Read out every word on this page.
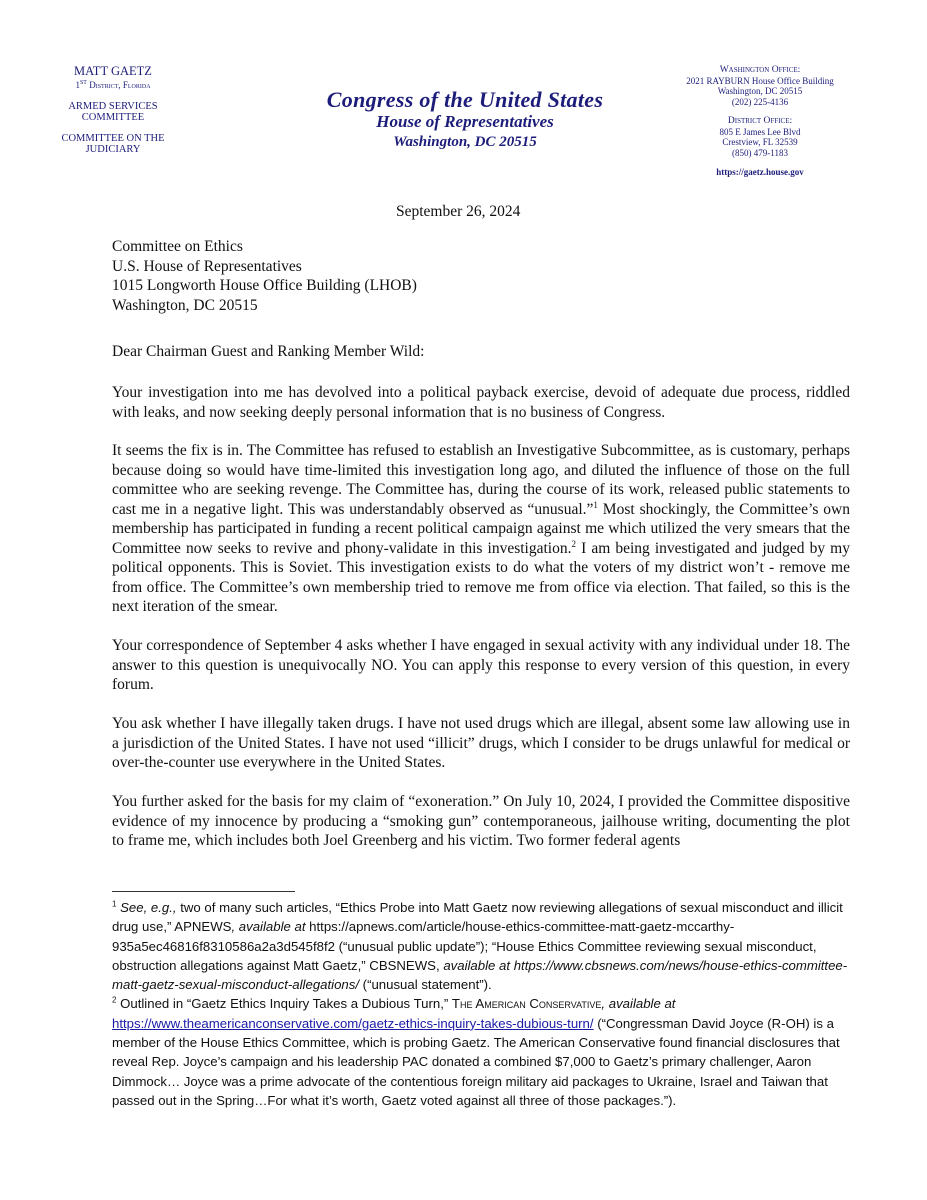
MATT GAETZ
1ST District, Florida
ARMED SERVICES
COMMITTEE
COMMITTEE ON THE
JUDICIARY
Congress of the United States
House of Representatives
Washington, DC 20515
Washington Office:
2021 RAYBURN House Office Building
Washington, DC 20515
(202) 225-4136
District Office:
805 E James Lee Blvd
Crestview, FL 32539
(850) 479-1183
https://gaetz.house.gov
September 26, 2024
Committee on Ethics
U.S. House of Representatives
1015 Longworth House Office Building (LHOB)
Washington, DC 20515
Dear Chairman Guest and Ranking Member Wild:
Your investigation into me has devolved into a political payback exercise, devoid of adequate due process, riddled with leaks, and now seeking deeply personal information that is no business of Congress.
It seems the fix is in. The Committee has refused to establish an Investigative Subcommittee, as is customary, perhaps because doing so would have time-limited this investigation long ago, and diluted the influence of those on the full committee who are seeking revenge. The Committee has, during the course of its work, released public statements to cast me in a negative light. This was understandably observed as “unusual.”$^1$ Most shockingly, the Committee’s own membership has participated in funding a recent political campaign against me which utilized the very smears that the Committee now seeks to revive and phony-validate in this investigation.$^2$ I am being investigated and judged by my political opponents. This is Soviet. This investigation exists to do what the voters of my district won’t - remove me from office. The Committee’s own membership tried to remove me from office via election. That failed, so this is the next iteration of the smear.
Your correspondence of September 4 asks whether I have engaged in sexual activity with any individual under 18. The answer to this question is unequivocally NO. You can apply this response to every version of this question, in every forum.
You ask whether I have illegally taken drugs. I have not used drugs which are illegal, absent some law allowing use in a jurisdiction of the United States. I have not used “illicit” drugs, which I consider to be drugs unlawful for medical or over-the-counter use everywhere in the United States.
You further asked for the basis for my claim of “exoneration.” On July 10, 2024, I provided the Committee dispositive evidence of my innocence by producing a “smoking gun” contemporaneous, jailhouse writing, documenting the plot to frame me, which includes both Joel Greenberg and his victim. Two former federal agents
$^1$ See, e.g., two of many such articles, “Ethics Probe into Matt Gaetz now reviewing allegations of sexual misconduct and illicit drug use,” APNEWS, available at https://apnews.com/article/house-ethics-committee-matt-gaetz-mccarthy-935a5ec46816f8310586a2a3d545f8f2 (“unusual public update”); “House Ethics Committee reviewing sexual misconduct, obstruction allegations against Matt Gaetz,” CBSNEWS, available at https://www.cbsnews.com/news/house-ethics-committee-matt-gaetz-sexual-misconduct-allegations/ (“unusual statement”).
$^2$ Outlined in “Gaetz Ethics Inquiry Takes a Dubious Turn,” The American Conservative, available at https://www.theamericanconservative.com/gaetz-ethics-inquiry-takes-dubious-turn/ (“Congressman David Joyce (R-OH) is a member of the House Ethics Committee, which is probing Gaetz. The American Conservative found financial disclosures that reveal Rep. Joyce’s campaign and his leadership PAC donated a combined $7,000 to Gaetz’s primary challenger, Aaron Dimmock… Joyce was a prime advocate of the contentious foreign military aid packages to Ukraine, Israel and Taiwan that passed out in the Spring…For what it’s worth, Gaetz voted against all three of those packages.”).
